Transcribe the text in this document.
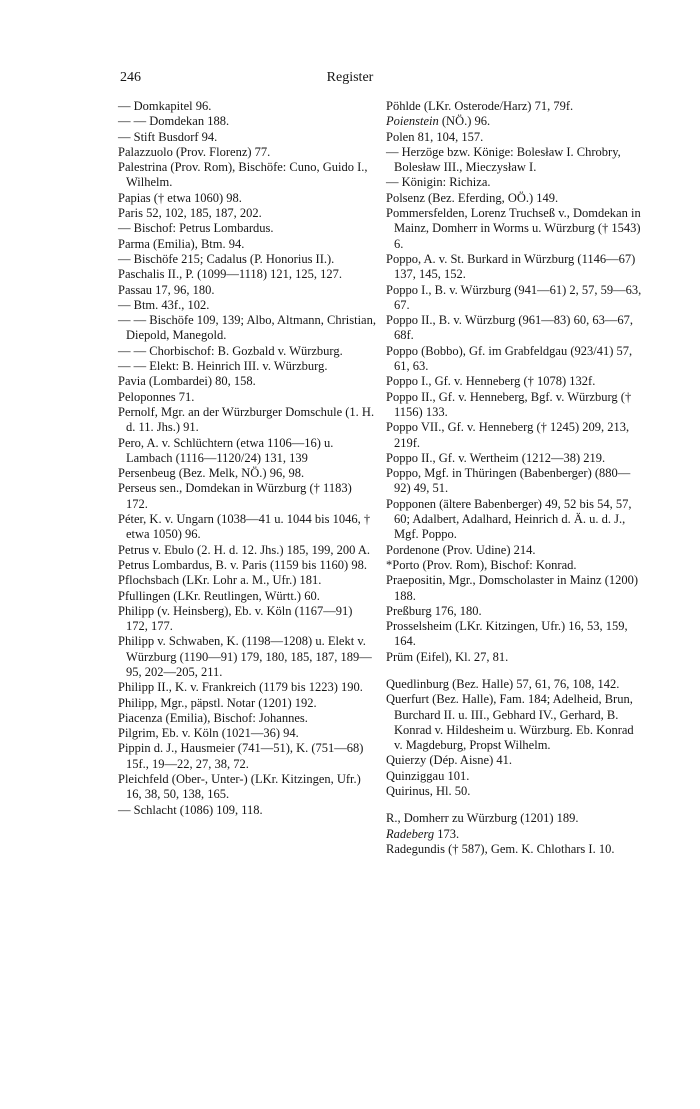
246	Register

— Domkapitel 96.

— — Domdekan 188.

— Stift Busdorf 94.

Palazzuolo (Prov. Florenz) 77.

Palestrina (Prov. Rom), Bischöfe: Cuno, Guido I., Wilhelm.

Papias († etwa 1060) 98.

Paris 52, 102, 185, 187, 202.

— Bischof: Petrus Lombardus.

Parma (Emilia), Btm. 94.

— Bischöfe 215; Cadalus (P. Honorius II.).

Paschalis II., P. (1099—1118) 121, 125, 127.

Passau 17, 96, 180.

— Btm. 43f., 102.

— — Bischöfe 109, 139; Albo, Altmann, Christian, Diepold, Manegold.

— — Chorbischof: B. Gozbald v. Würzburg.

— — Elekt: B. Heinrich III. v. Würzburg.

Pavia (Lombardei) 80, 158.

Peloponnes 71.

Pernolf, Mgr. an der Würzburger Domschule (1. H. d. 11. Jhs.) 91.

Pero, A. v. Schlüchtern (etwa 1106—16) u. Lambach (1116—1120/24) 131, 139

Persenbeug (Bez. Melk, NÖ.) 96, 98.

Perseus sen., Domdekan in Würzburg († 1183) 172.

Péter, K. v. Ungarn (1038—41 u. 1044 bis 1046, † etwa 1050) 96.

Petrus v. Ebulo (2. H. d. 12. Jhs.) 185, 199, 200 A.

Petrus Lombardus, B. v. Paris (1159 bis 1160) 98.

Pflochsbach (LKr. Lohr a. M., Ufr.) 181.

Pfullingen (LKr. Reutlingen, Württ.) 60.

Philipp (v. Heinsberg), Eb. v. Köln (1167—91) 172, 177.

Philipp v. Schwaben, K. (1198—1208) u. Elekt v. Würzburg (1190—91) 179, 180, 185, 187, 189—95, 202—205, 211.

Philipp II., K. v. Frankreich (1179 bis 1223) 190.

Philipp, Mgr., päpstl. Notar (1201) 192.

Piacenza (Emilia), Bischof: Johannes.

Pilgrim, Eb. v. Köln (1021—36) 94.

Pippin d. J., Hausmeier (741—51), K. (751—68) 15f., 19—22, 27, 38, 72.

Pleichfeld (Ober-, Unter-) (LKr. Kitzingen, Ufr.) 16, 38, 50, 138, 165.

— Schlacht (1086) 109, 118.

Pöhlde (LKr. Osterode/Harz) 71, 79f.

Poienstein (NÖ.) 96.

Polen 81, 104, 157.

— Herzöge bzw. Könige: Bolesław I. Chrobry, Bolesław III., Mieczysław I.

— Königin: Richiza.

Polsenz (Bez. Eferding, OÖ.) 149.

Pommersfelden, Lorenz Truchseß v., Domdekan in Mainz, Domherr in Worms u. Würzburg († 1543) 6.

Poppo, A. v. St. Burkard in Würzburg (1146—67) 137, 145, 152.

Poppo I., B. v. Würzburg (941—61) 2, 57, 59—63, 67.

Poppo II., B. v. Würzburg (961—83) 60, 63—67, 68f.

Poppo (Bobbo), Gf. im Grabfeldgau (923/41) 57, 61, 63.

Poppo I., Gf. v. Henneberg († 1078) 132f.

Poppo II., Gf. v. Henneberg, Bgf. v. Würzburg († 1156) 133.

Poppo VII., Gf. v. Henneberg († 1245) 209, 213, 219f.

Poppo II., Gf. v. Wertheim (1212—38) 219.

Poppo, Mgf. in Thüringen (Babenberger) (880—92) 49, 51.

Popponen (ältere Babenberger) 49, 52 bis 54, 57, 60; Adalbert, Adalhard, Heinrich d. Ä. u. d. J., Mgf. Poppo.

Pordenone (Prov. Udine) 214.

*Porto (Prov. Rom), Bischof: Konrad.

Praepositin, Mgr., Domscholaster in Mainz (1200) 188.

Preßburg 176, 180.

Prosselsheim (LKr. Kitzingen, Ufr.) 16, 53, 159, 164.

Prüm (Eifel), Kl. 27, 81.

Quedlinburg (Bez. Halle) 57, 61, 76, 108, 142.

Querfurt (Bez. Halle), Fam. 184; Adelheid, Brun, Burchard II. u. III., Gebhard IV., Gerhard, B. Konrad v. Hildesheim u. Würzburg. Eb. Konrad v. Magdeburg, Propst Wilhelm.

Quierzy (Dép. Aisne) 41.

Quinziggau 101.

Quirinus, Hl. 50.

R., Domherr zu Würzburg (1201) 189.

Radeberg 173.

Radegundis († 587), Gem. K. Chlothars I. 10.
